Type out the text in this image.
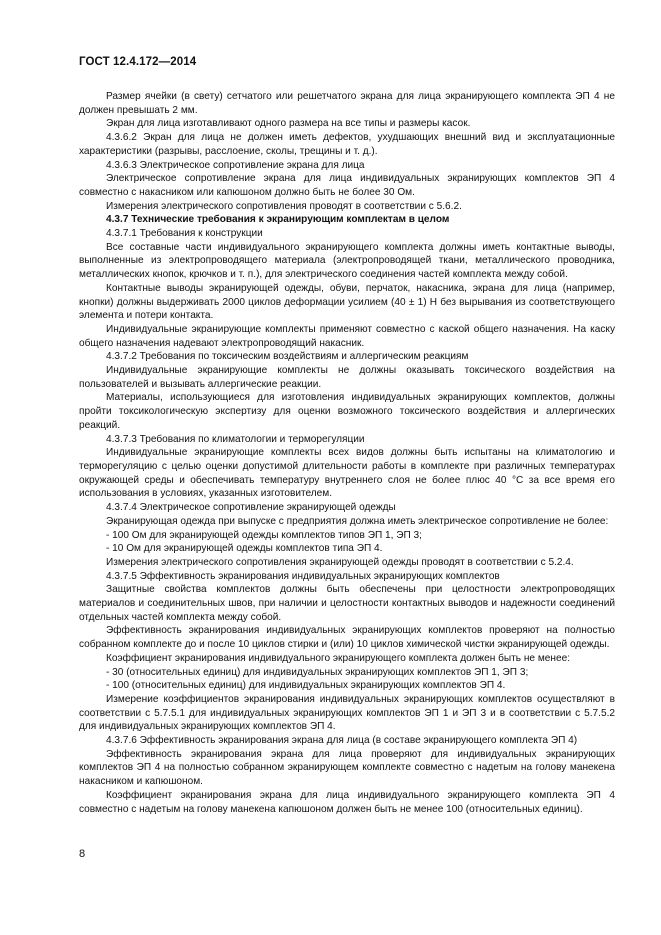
ГОСТ 12.4.172—2014

Размер ячейки (в свету) сетчатого или решетчатого экрана для лица экранирующего комплекта ЭП 4 не должен превышать 2 мм.

Экран для лица изготавливают одного размера на все типы и размеры касок.

4.3.6.2 Экран для лица не должен иметь дефектов, ухудшающих внешний вид и эксплуатационные характеристики (разрывы, расслоение, сколы, трещины и т. д.).

4.3.6.3 Электрическое сопротивление экрана для лица

Электрическое сопротивление экрана для лица индивидуальных экранирующих комплектов ЭП 4 совместно с накасником или капюшоном должно быть не более 30 Ом.

Измерения электрического сопротивления проводят в соответствии с 5.6.2.

4.3.7 Технические требования к экранирующим комплектам в целом

4.3.7.1 Требования к конструкции

Все составные части индивидуального экранирующего комплекта должны иметь контактные выводы, выполненные из электропроводящего материала (электропроводящей ткани, металлического проводника, металлических кнопок, крючков и т. п.), для электрического соединения частей комплекта между собой.

Контактные выводы экранирующей одежды, обуви, перчаток, накасника, экрана для лица (например, кнопки) должны выдерживать 2000 циклов деформации усилием (40 ± 1) Н без вырывания из соответствующего элемента и потери контакта.

Индивидуальные экранирующие комплекты применяют совместно с каской общего назначения. На каску общего назначения надевают электропроводящий накасник.

4.3.7.2 Требования по токсическим воздействиям и аллергическим реакциям

Индивидуальные экранирующие комплекты не должны оказывать токсического воздействия на пользователей и вызывать аллергические реакции.

Материалы, использующиеся для изготовления индивидуальных экранирующих комплектов, должны пройти токсикологическую экспертизу для оценки возможного токсического воздействия и аллергических реакций.

4.3.7.3 Требования по климатологии и терморегуляции

Индивидуальные экранирующие комплекты всех видов должны быть испытаны на климатологию и терморегуляцию с целью оценки допустимой длительности работы в комплекте при различных температурах окружающей среды и обеспечивать температуру внутреннего слоя не более плюс 40 °С за все время его использования в условиях, указанных изготовителем.

4.3.7.4 Электрическое сопротивление экранирующей одежды

Экранирующая одежда при выпуске с предприятия должна иметь электрическое сопротивление не более:

- 100 Ом для экранирующей одежды комплектов типов ЭП 1, ЭП 3;

- 10 Ом для экранирующей одежды комплектов типа ЭП 4.

Измерения электрического сопротивления экранирующей одежды проводят в соответствии с 5.2.4.

4.3.7.5 Эффективность экранирования индивидуальных экранирующих комплектов

Защитные свойства комплектов должны быть обеспечены при целостности электропроводящих материалов и соединительных швов, при наличии и целостности контактных выводов и надежности соединений отдельных частей комплекта между собой.

Эффективность экранирования индивидуальных экранирующих комплектов проверяют на полностью собранном комплекте до и после 10 циклов стирки и (или) 10 циклов химической чистки экранирующей одежды.

Коэффициент экранирования индивидуального экранирующего комплекта должен быть не менее:

- 30 (относительных единиц) для индивидуальных экранирующих комплектов ЭП 1, ЭП 3;

- 100 (относительных единиц) для индивидуальных экранирующих комплектов ЭП 4.

Измерение коэффициентов экранирования индивидуальных экранирующих комплектов осуществляют в соответствии с 5.7.5.1 для индивидуальных экранирующих комплектов ЭП 1 и ЭП 3 и в соответствии с 5.7.5.2 для индивидуальных экранирующих комплектов ЭП 4.

4.3.7.6 Эффективность экранирования экрана для лица (в составе экранирующего комплекта ЭП 4)

Эффективность экранирования экрана для лица проверяют для индивидуальных экранирующих комплектов ЭП 4 на полностью собранном экранирующем комплекте совместно с надетым на голову манекена накасником и капюшоном.

Коэффициент экранирования экрана для лица индивидуального экранирующего комплекта ЭП 4 совместно с надетым на голову манекена капюшоном должен быть не менее 100 (относительных единиц).

8
